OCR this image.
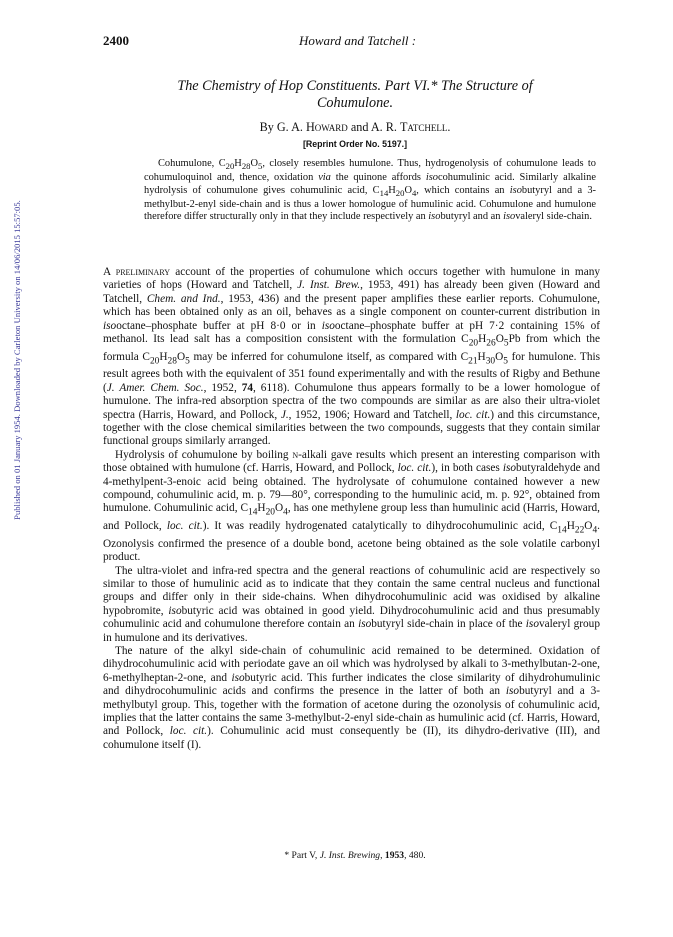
Published on 01 January 1954. Downloaded by Carleton University on 14/06/2015 15:57:05.
2400	Howard and Tatchell :
The Chemistry of Hop Constituents. Part VI.* The Structure of
Cohumulone.
By G. A. Howard and A. R. Tatchell.
[Reprint Order No. 5197.]

Cohumulone, $C_{20}H_{28}O_5$, closely resembles humulone. Thus, hydrogenolysis of cohumulone leads to cohumuloquinol and, thence, oxidation via the quinone affords isocohumulinic acid. Similarly alkaline hydrolysis of cohumulone gives cohumulinic acid, $C_{14}H_{20}O_4$, which contains an isobutyryl and a 3-methylbut-2-enyl side-chain and is thus a lower homologue of humulinic acid. Cohumulone and humulone therefore differ structurally only in that they include respectively an isobutyryl and an isovaleryl side-chain.

A preliminary account of the properties of cohumulone which occurs together with humulone in many varieties of hops (Howard and Tatchell, J. Inst. Brew., 1953, 491) has already been given (Howard and Tatchell, Chem. and Ind., 1953, 436) and the present paper amplifies these earlier reports. Cohumulone, which has been obtained only as an oil, behaves as a single component on counter-current distribution in isooctane–phosphate buffer at pH 8·0 or in isooctane–phosphate buffer at pH 7·2 containing 15% of methanol. Its lead salt has a composition consistent with the formulation $C_{20}H_{26}O_5Pb$ from which the formula $C_{20}H_{28}O_5$ may be inferred for cohumulone itself, as compared with $C_{21}H_{30}O_5$ for humulone. This result agrees both with the equivalent of 351 found experimentally and with the results of Rigby and Bethune (J. Amer. Chem. Soc., 1952, 74, 6118). Cohumulone thus appears formally to be a lower homologue of humulone. The infra-red absorption spectra of the two compounds are similar as are also their ultra-violet spectra (Harris, Howard, and Pollock, J., 1952, 1906; Howard and Tatchell, loc. cit.) and this circumstance, together with the close chemical similarities between the two compounds, suggests that they contain similar functional groups similarly arranged.

Hydrolysis of cohumulone by boiling n-alkali gave results which present an interesting comparison with those obtained with humulone (cf. Harris, Howard, and Pollock, loc. cit.), in both cases isobutyraldehyde and 4-methylpent-3-enoic acid being obtained. The hydrolysate of cohumulone contained however a new compound, cohumulinic acid, m. p. 79—80°, corresponding to the humulinic acid, m. p. 92°, obtained from humulone. Cohumulinic acid, $C_{14}H_{20}O_4$, has one methylene group less than humulinic acid (Harris, Howard, and Pollock, loc. cit.). It was readily hydrogenated catalytically to dihydrocohumulinic acid, $C_{14}H_{22}O_4$. Ozonolysis confirmed the presence of a double bond, acetone being obtained as the sole volatile carbonyl product.

The ultra-violet and infra-red spectra and the general reactions of cohumulinic acid are respectively so similar to those of humulinic acid as to indicate that they contain the same central nucleus and functional groups and differ only in their side-chains. When dihydrocohumulinic acid was oxidised by alkaline hypobromite, isobutyric acid was obtained in good yield. Dihydrocohumulinic acid and thus presumably cohumulinic acid and cohumulone therefore contain an isobutyryl side-chain in place of the isovaleryl group in humulone and its derivatives.

The nature of the alkyl side-chain of cohumulinic acid remained to be determined. Oxidation of dihydrocohumulinic acid with periodate gave an oil which was hydrolysed by alkali to 3-methylbutan-2-one, 6-methylheptan-2-one, and isobutyric acid. This further indicates the close similarity of dihydrohumulinic and dihydrocohumulinic acids and confirms the presence in the latter of both an isobutyryl and a 3-methylbutyl group. This, together with the formation of acetone during the ozonolysis of cohumulinic acid, implies that the latter contains the same 3-methylbut-2-enyl side-chain as humulinic acid (cf. Harris, Howard, and Pollock, loc. cit.). Cohumulinic acid must consequently be (II), its dihydro-derivative (III), and cohumulone itself (I).

* Part V, J. Inst. Brewing, 1953, 480.
